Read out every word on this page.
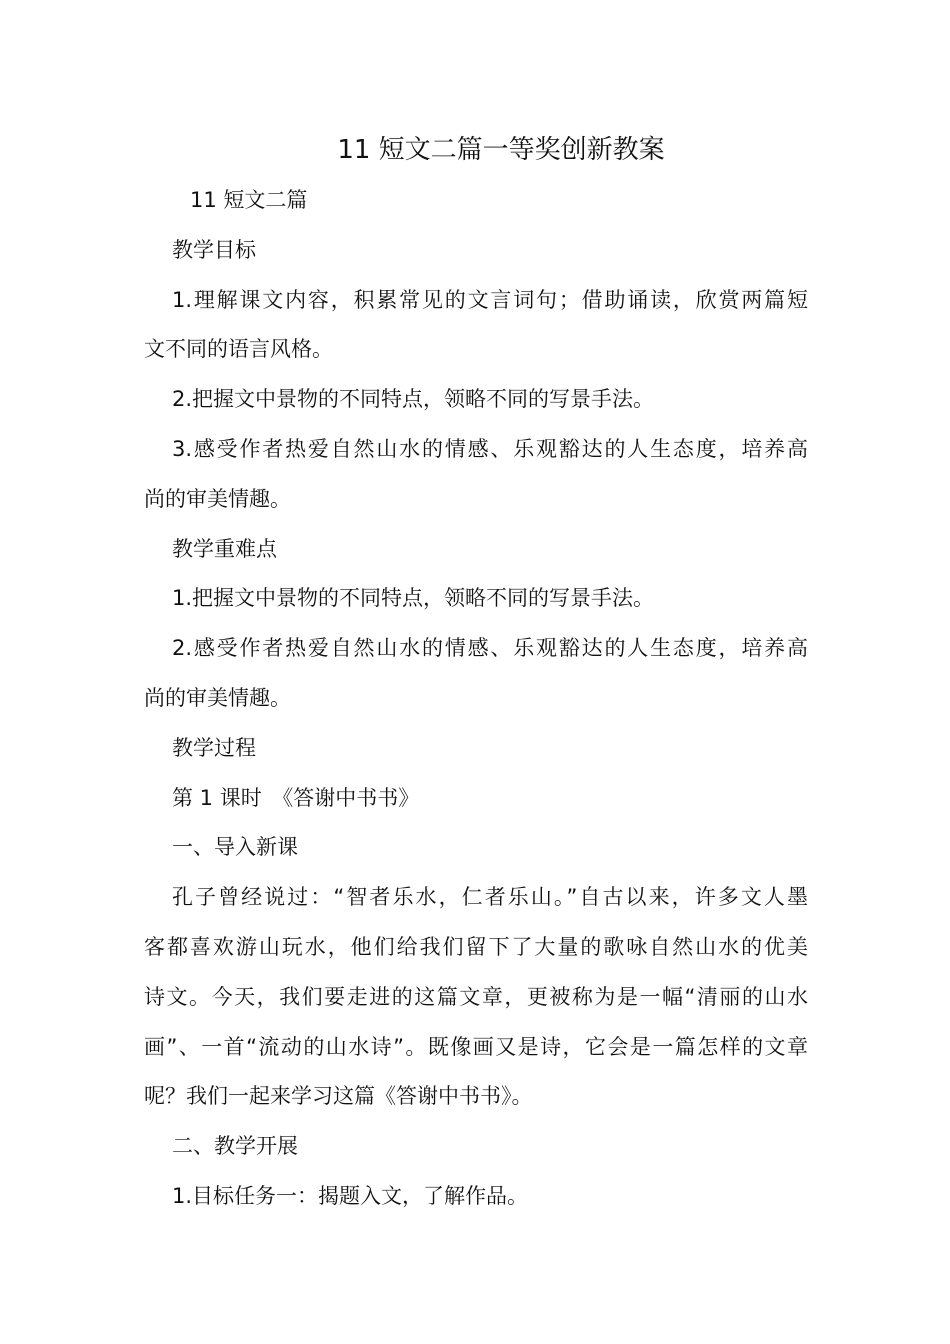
11 短文二篇一等奖创新教案
11 短文二篇
教学目标
1.理解课文内容，积累常见的文言词句；借助诵读，欣赏两篇短
文不同的语言风格。
2.把握文中景物的不同特点，领略不同的写景手法。
3.感受作者热爱自然山水的情感、乐观豁达的人生态度，培养高
尚的审美情趣。
教学重难点
1.把握文中景物的不同特点，领略不同的写景手法。
2.感受作者热爱自然山水的情感、乐观豁达的人生态度，培养高
尚的审美情趣。
教学过程
第 1 课时　《答谢中书书》
一、导入新课
孔子曾经说过：“智者乐水，仁者乐山。”自古以来，许多文人墨
客都喜欢游山玩水，他们给我们留下了大量的歌咏自然山水的优美
诗文。今天，我们要走进的这篇文章，更被称为是一幅“清丽的山水
画”、一首“流动的山水诗”。既像画又是诗，它会是一篇怎样的文章
呢？我们一起来学习这篇《答谢中书书》。
二、教学开展
1.目标任务一：揭题入文，了解作品。
